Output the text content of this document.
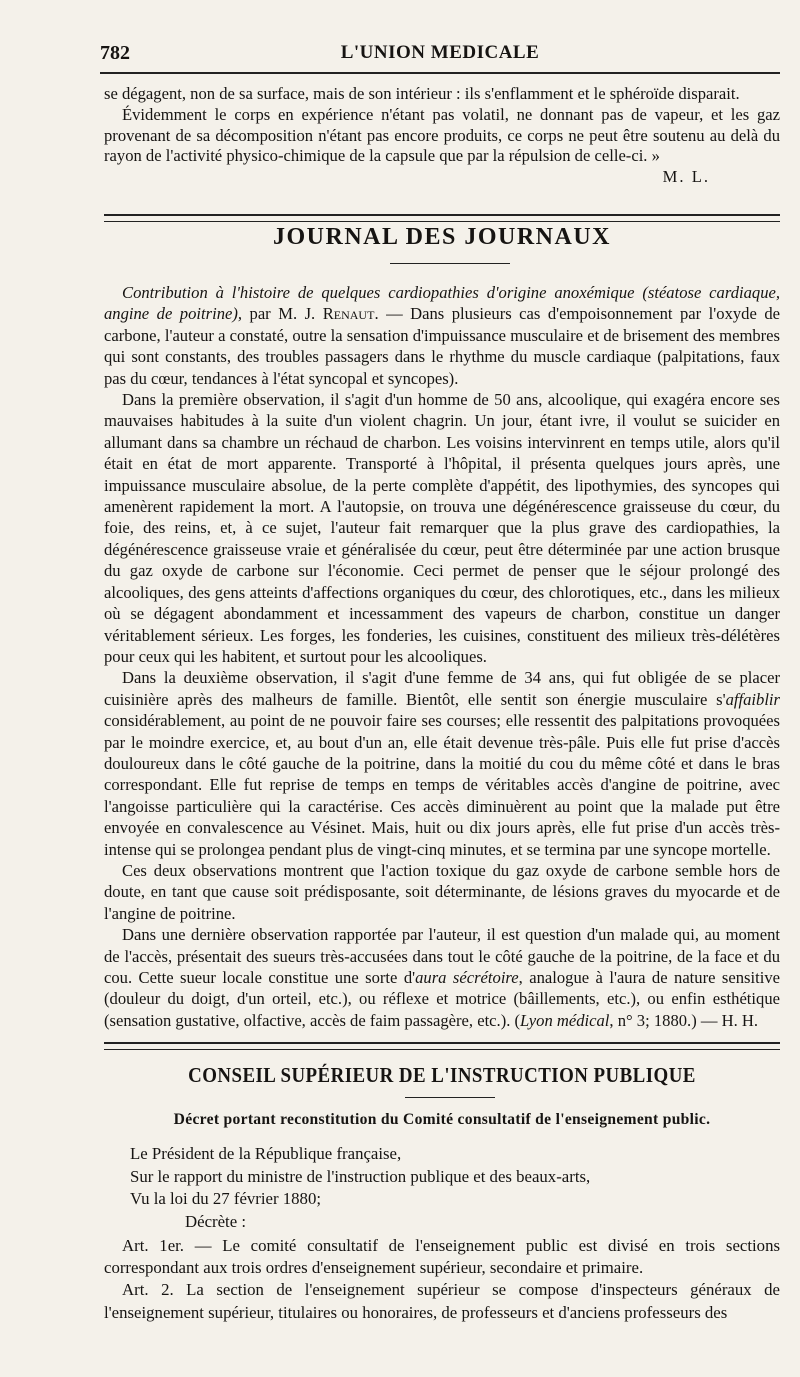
782	L'UNION MEDICALE

se dégagent, non de sa surface, mais de son intérieur : ils s'enflamment et le sphéroïde disparait.

Évidemment le corps en expérience n'étant pas volatil, ne donnant pas de vapeur, et les gaz provenant de sa décomposition n'étant pas encore produits, ce corps ne peut être soutenu au delà du rayon de l'activité physico-chimique de la capsule que par la répulsion de celle-ci. »

M. L.

JOURNAL DES JOURNAUX

Contribution à l'histoire de quelques cardiopathies d'origine anoxémique (stéatose cardiaque, angine de poitrine), par M. J. Renaut. — Dans plusieurs cas d'empoisonnement par l'oxyde de carbone, l'auteur a constaté, outre la sensation d'impuissance musculaire et de brisement des membres qui sont constants, des troubles passagers dans le rhythme du muscle cardiaque (palpitations, faux pas du cœur, tendances à l'état syncopal et syncopes).

Dans la première observation, il s'agit d'un homme de 50 ans, alcoolique, qui exagéra encore ses mauvaises habitudes à la suite d'un violent chagrin. Un jour, étant ivre, il voulut se suicider en allumant dans sa chambre un réchaud de charbon. Les voisins intervinrent en temps utile, alors qu'il était en état de mort apparente. Transporté à l'hôpital, il présenta quelques jours après, une impuissance musculaire absolue, de la perte complète d'appétit, des lipothymies, des syncopes qui amenèrent rapidement la mort. A l'autopsie, on trouva une dégénérescence graisseuse du cœur, du foie, des reins, et, à ce sujet, l'auteur fait remarquer que la plus grave des cardiopathies, la dégénérescence graisseuse vraie et généralisée du cœur, peut être déterminée par une action brusque du gaz oxyde de carbone sur l'économie. Ceci permet de penser que le séjour prolongé des alcooliques, des gens atteints d'affections organiques du cœur, des chlorotiques, etc., dans les milieux où se dégagent abondamment et incessamment des vapeurs de charbon, constitue un danger véritablement sérieux. Les forges, les fonderies, les cuisines, constituent des milieux très-délétères pour ceux qui les habitent, et surtout pour les alcooliques.

Dans la deuxième observation, il s'agit d'une femme de 34 ans, qui fut obligée de se placer cuisinière après des malheurs de famille. Bientôt, elle sentit son énergie musculaire s'affaiblir considérablement, au point de ne pouvoir faire ses courses; elle ressentit des palpitations provoquées par le moindre exercice, et, au bout d'un an, elle était devenue très-pâle. Puis elle fut prise d'accès douloureux dans le côté gauche de la poitrine, dans la moitié du cou du même côté et dans le bras correspondant. Elle fut reprise de temps en temps de véritables accès d'angine de poitrine, avec l'angoisse particulière qui la caractérise. Ces accès diminuèrent au point que la malade put être envoyée en convalescence au Vésinet. Mais, huit ou dix jours après, elle fut prise d'un accès très-intense qui se prolongea pendant plus de vingt-cinq minutes, et se termina par une syncope mortelle.

Ces deux observations montrent que l'action toxique du gaz oxyde de carbone semble hors de doute, en tant que cause soit prédisposante, soit déterminante, de lésions graves du myocarde et de l'angine de poitrine.

Dans une dernière observation rapportée par l'auteur, il est question d'un malade qui, au moment de l'accès, présentait des sueurs très-accusées dans tout le côté gauche de la poitrine, de la face et du cou. Cette sueur locale constitue une sorte d'aura sécrétoire, analogue à l'aura de nature sensitive (douleur du doigt, d'un orteil, etc.), ou réflexe et motrice (bâillements, etc.), ou enfin esthétique (sensation gustative, olfactive, accès de faim passagère, etc.). (Lyon médical, n° 3; 1880.) — H. H.

CONSEIL SUPÉRIEUR DE L'INSTRUCTION PUBLIQUE
Décret portant reconstitution du Comité consultatif de l'enseignement public.

Le Président de la République française,

Sur le rapport du ministre de l'instruction publique et des beaux-arts,

Vu la loi du 27 février 1880;

Décrète :

Art. 1er. — Le comité consultatif de l'enseignement public est divisé en trois sections correspondant aux trois ordres d'enseignement supérieur, secondaire et primaire.

Art. 2. La section de l'enseignement supérieur se compose d'inspecteurs généraux de l'enseignement supérieur, titulaires ou honoraires, de professeurs et d'anciens professeurs des
